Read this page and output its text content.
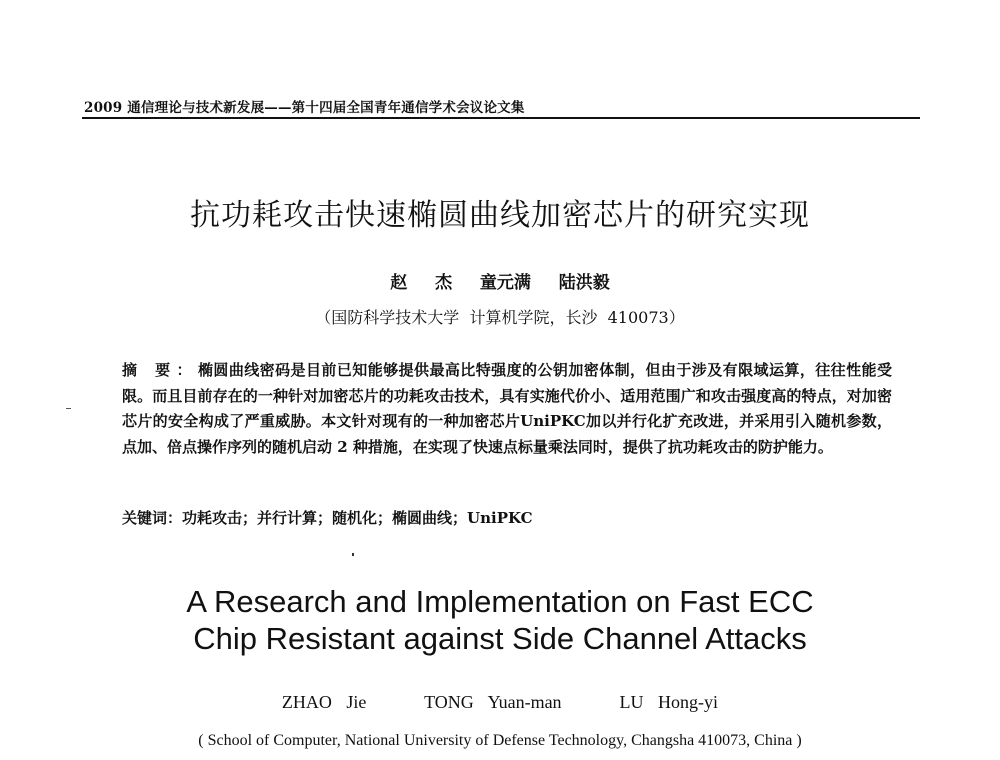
2009 通信理论与技术新发展——第十四届全国青年通信学术会议论文集
抗功耗攻击快速椭圆曲线加密芯片的研究实现
赵  杰  童元满  陆洪毅
（国防科学技术大学  计算机学院，长沙  410073）
摘 要：椭圆曲线密码是目前已知能够提供最高比特强度的公钥加密体制，但由于涉及有限域运算，往往性能受限。而且目前存在的一种针对加密芯片的功耗攻击技术，具有实施代价小、适用范围广和攻击强度高的特点，对加密芯片的安全构成了严重威胁。本文针对现有的一种加密芯片UniPKC加以并行化扩充改进，并采用引入随机参数，点加、倍点操作序列的随机启动 2 种措施，在实现了快速点标量乘法同时，提供了抗功耗攻击的防护能力。
关键词：功耗攻击；并行计算；随机化；椭圆曲线；UniPKC
A Research and Implementation on Fast ECC
Chip Resistant against Side Channel Attacks
ZHAO Jie    TONG Yuan-man    LU Hong-yi
( School of Computer, National University of Defense Technology, Changsha 410073, China )
